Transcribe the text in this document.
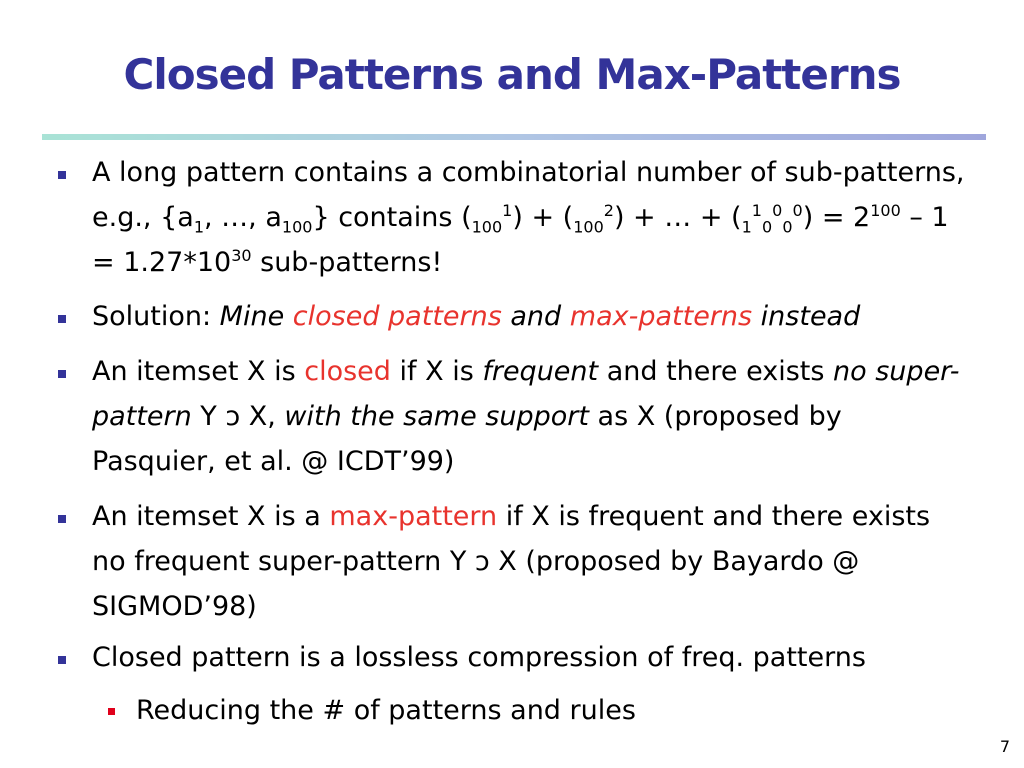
Closed Patterns and Max-Patterns
A long pattern contains a combinatorial number of sub-patterns, e.g., {$a_1$, …, $a_{100}$} contains $(_{100}^1) + (_{100}^2)$ + … + $(_1^1_0^0_0^0) = 2^{100} - 1 = 1.27*10^{30}$ sub-patterns!
Solution: Mine closed patterns and max-patterns instead
An itemset X is closed if X is frequent and there exists no super-pattern Y ɔ X, with the same support as X (proposed by Pasquier, et al. @ ICDT’99)
An itemset X is a max-pattern if X is frequent and there exists no frequent super-pattern Y ɔ X (proposed by Bayardo @ SIGMOD’98)
Closed pattern is a lossless compression of freq. patterns
Reducing the # of patterns and rules
7
